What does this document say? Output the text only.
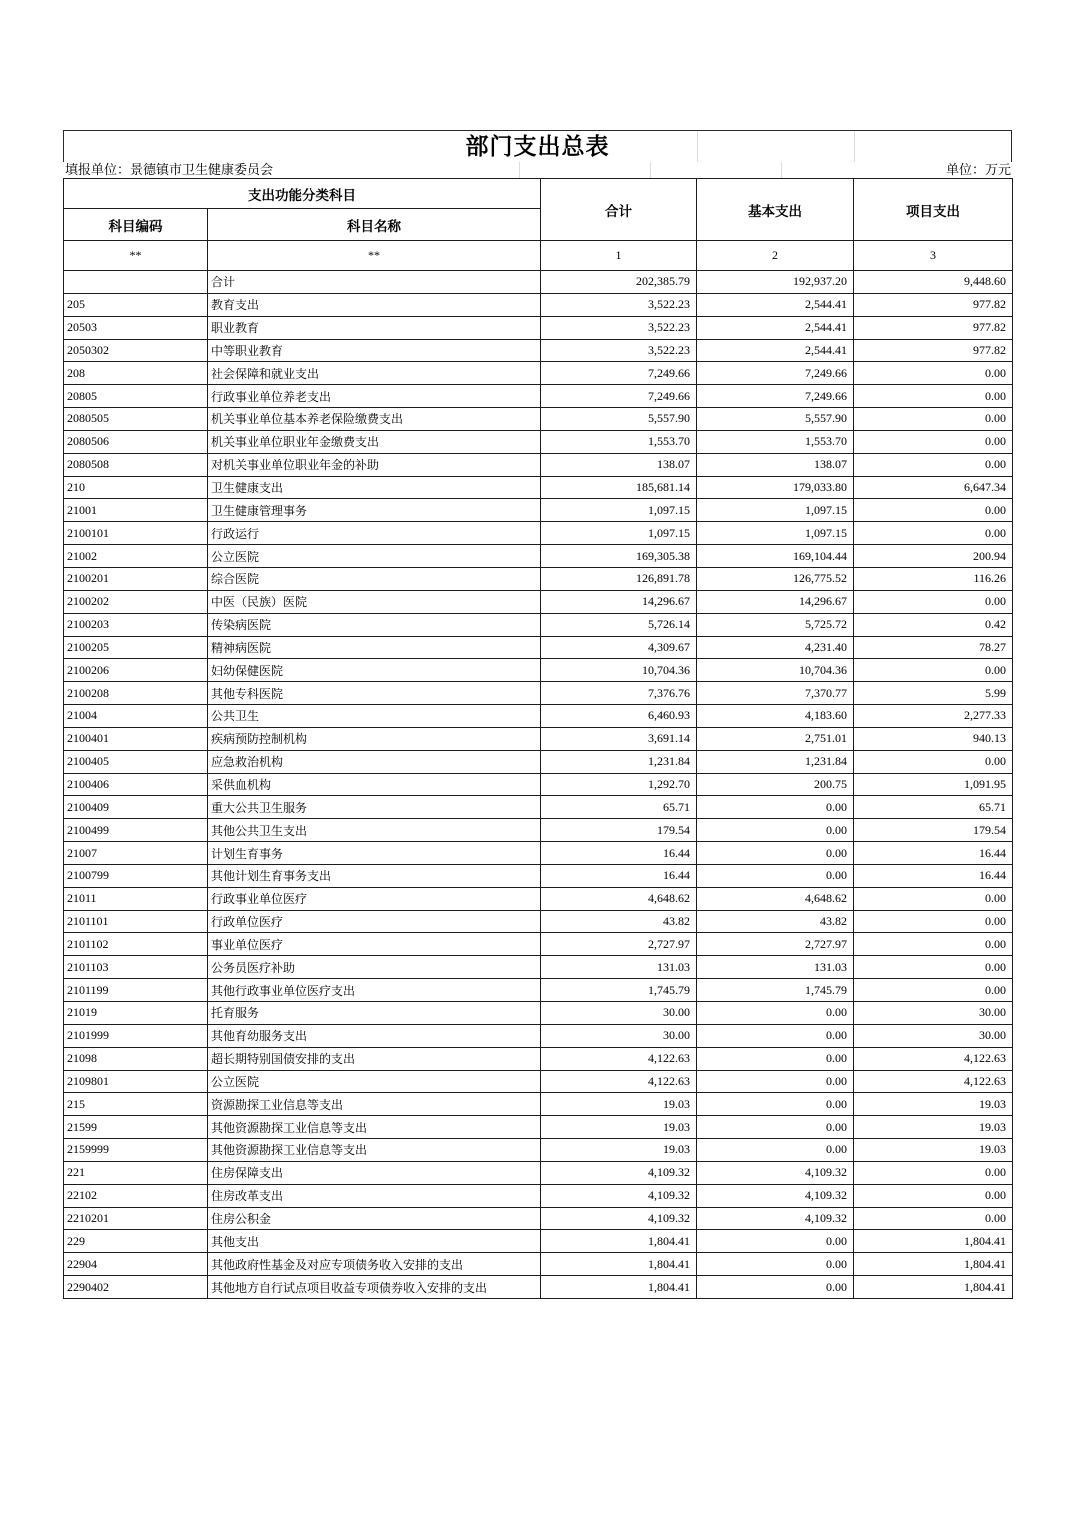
部门支出总表
填报单位：景德镇市卫生健康委员会	单位：万元
支出功能分类科目		合计	基本支出	项目支出
科目编码	科目名称			
**	**	1	2	3
	合计	202,385.79	192,937.20	9,448.60
205	教育支出	3,522.23	2,544.41	977.82
20503	职业教育	3,522.23	2,544.41	977.82
2050302	中等职业教育	3,522.23	2,544.41	977.82
208	社会保障和就业支出	7,249.66	7,249.66	0.00
20805	行政事业单位养老支出	7,249.66	7,249.66	0.00
2080505	机关事业单位基本养老保险缴费支出	5,557.90	5,557.90	0.00
2080506	机关事业单位职业年金缴费支出	1,553.70	1,553.70	0.00
2080508	对机关事业单位职业年金的补助	138.07	138.07	0.00
210	卫生健康支出	185,681.14	179,033.80	6,647.34
21001	卫生健康管理事务	1,097.15	1,097.15	0.00
2100101	行政运行	1,097.15	1,097.15	0.00
21002	公立医院	169,305.38	169,104.44	200.94
2100201	综合医院	126,891.78	126,775.52	116.26
2100202	中医（民族）医院	14,296.67	14,296.67	0.00
2100203	传染病医院	5,726.14	5,725.72	0.42
2100205	精神病医院	4,309.67	4,231.40	78.27
2100206	妇幼保健医院	10,704.36	10,704.36	0.00
2100208	其他专科医院	7,376.76	7,370.77	5.99
21004	公共卫生	6,460.93	4,183.60	2,277.33
2100401	疾病预防控制机构	3,691.14	2,751.01	940.13
2100405	应急救治机构	1,231.84	1,231.84	0.00
2100406	采供血机构	1,292.70	200.75	1,091.95
2100409	重大公共卫生服务	65.71	0.00	65.71
2100499	其他公共卫生支出	179.54	0.00	179.54
21007	计划生育事务	16.44	0.00	16.44
2100799	其他计划生育事务支出	16.44	0.00	16.44
21011	行政事业单位医疗	4,648.62	4,648.62	0.00
2101101	行政单位医疗	43.82	43.82	0.00
2101102	事业单位医疗	2,727.97	2,727.97	0.00
2101103	公务员医疗补助	131.03	131.03	0.00
2101199	其他行政事业单位医疗支出	1,745.79	1,745.79	0.00
21019	托育服务	30.00	0.00	30.00
2101999	其他育幼服务支出	30.00	0.00	30.00
21098	超长期特别国债安排的支出	4,122.63	0.00	4,122.63
2109801	公立医院	4,122.63	0.00	4,122.63
215	资源勘探工业信息等支出	19.03	0.00	19.03
21599	其他资源勘探工业信息等支出	19.03	0.00	19.03
2159999	其他资源勘探工业信息等支出	19.03	0.00	19.03
221	住房保障支出	4,109.32	4,109.32	0.00
22102	住房改革支出	4,109.32	4,109.32	0.00
2210201	住房公积金	4,109.32	4,109.32	0.00
229	其他支出	1,804.41	0.00	1,804.41
22904	其他政府性基金及对应专项债务收入安排的支出	1,804.41	0.00	1,804.41
2290402	其他地方自行试点项目收益专项债券收入安排的支出	1,804.41	0.00	1,804.41
